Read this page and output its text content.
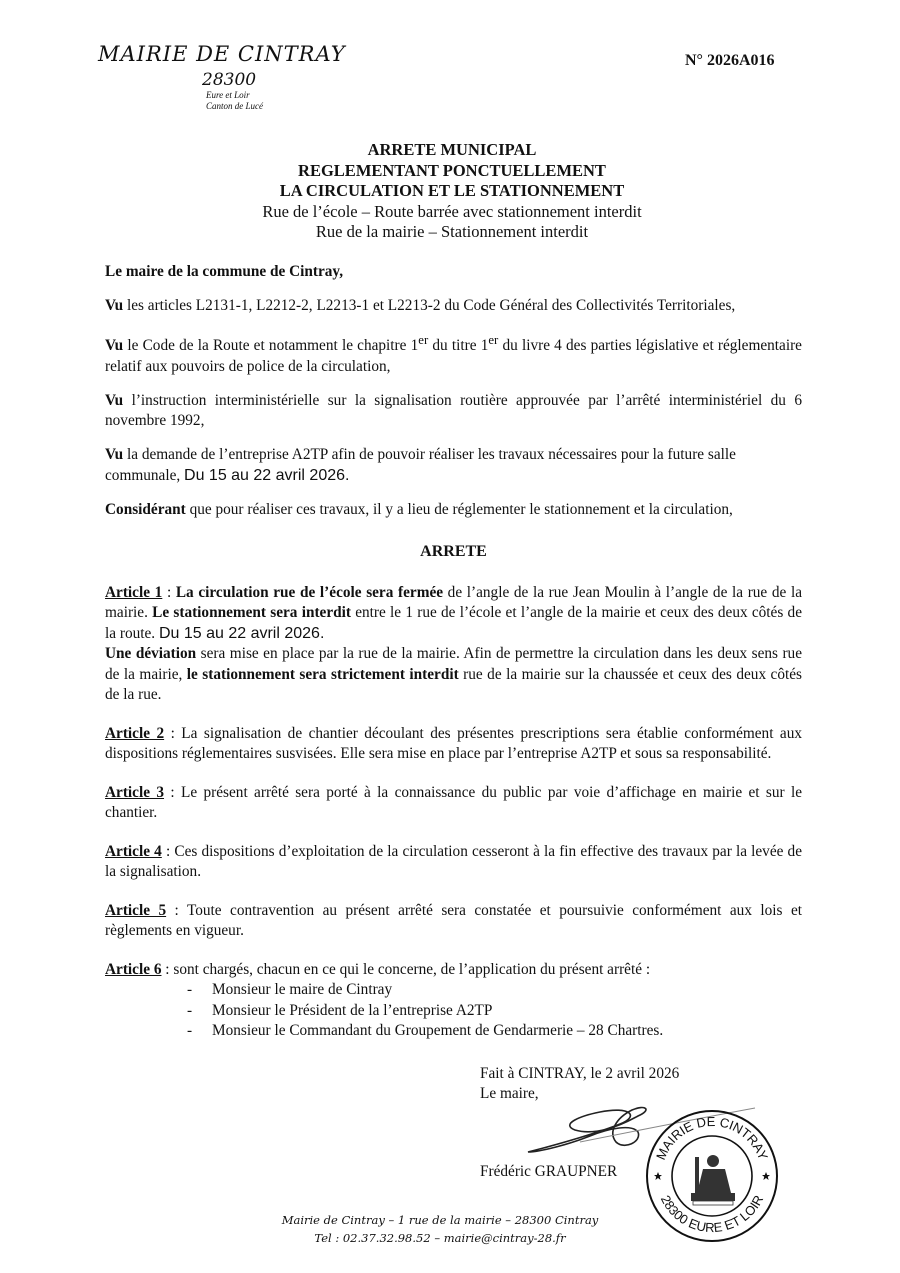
MAIRIE DE CINTRAY
28300
Eure et Loir
Canton de Lucé
N° 2026A016
ARRETE MUNICIPAL
REGLEMENTANT PONCTUELLEMENT
LA CIRCULATION ET LE STATIONNEMENT
Rue de l’école – Route barrée avec stationnement interdit
Rue de la mairie – Stationnement interdit

Le maire de la commune de Cintray,

Vu les articles L2131-1, L2212-2, L2213-1 et L2213-2 du Code Général des Collectivités Territoriales,

Vu le Code de la Route et notamment le chapitre 1er du titre 1er du livre 4 des parties législative et réglementaire relatif aux pouvoirs de police de la circulation,

Vu l’instruction interministérielle sur la signalisation routière approuvée par l’arrêté interministériel du 6 novembre 1992,

Vu la demande de l’entreprise A2TP afin de pouvoir réaliser les travaux nécessaires pour la future salle communale, Du 15 au 22 avril 2026.

Considérant que pour réaliser ces travaux, il y a lieu de réglementer le stationnement et la circulation,

ARRETE

Article 1 : La circulation rue de l’école sera fermée de l’angle de la rue Jean Moulin à l’angle de la rue de la mairie. Le stationnement sera interdit entre le 1 rue de l’école et l’angle de la mairie et ceux des deux côtés de la route. Du 15 au 22 avril 2026.
Une déviation sera mise en place par la rue de la mairie. Afin de permettre la circulation dans les deux sens rue de la mairie, le stationnement sera strictement interdit rue de la mairie sur la chaussée et ceux des deux côtés de la rue.

Article 2 : La signalisation de chantier découlant des présentes prescriptions sera établie conformément aux dispositions réglementaires susvisées. Elle sera mise en place par l’entreprise A2TP et sous sa responsabilité.

Article 3 : Le présent arrêté sera porté à la connaissance du public par voie d’affichage en mairie et sur le chantier.

Article 4 : Ces dispositions d’exploitation de la circulation cesseront à la fin effective des travaux par la levée de la signalisation.

Article 5 : Toute contravention au présent arrêté sera constatée et poursuivie conformément aux lois et règlements en vigueur.

Article 6 : sont chargés, chacun en ce qui le concerne, de l’application du présent arrêté :

- Monsieur le maire de Cintray
- Monsieur le Président de la l’entreprise A2TP
- Monsieur le Commandant du Groupement de Gendarmerie – 28 Chartres.
Fait à CINTRAY, le 2 avril 2026
Le maire,
Frédéric GRAUPNER
MAIRIE DE CINTRAY
28300 EURE ET LOIR
Mairie de Cintray – 1 rue de la mairie – 28300 Cintray
Tel : 02.37.32.98.52 – mairie@cintray-28.fr
